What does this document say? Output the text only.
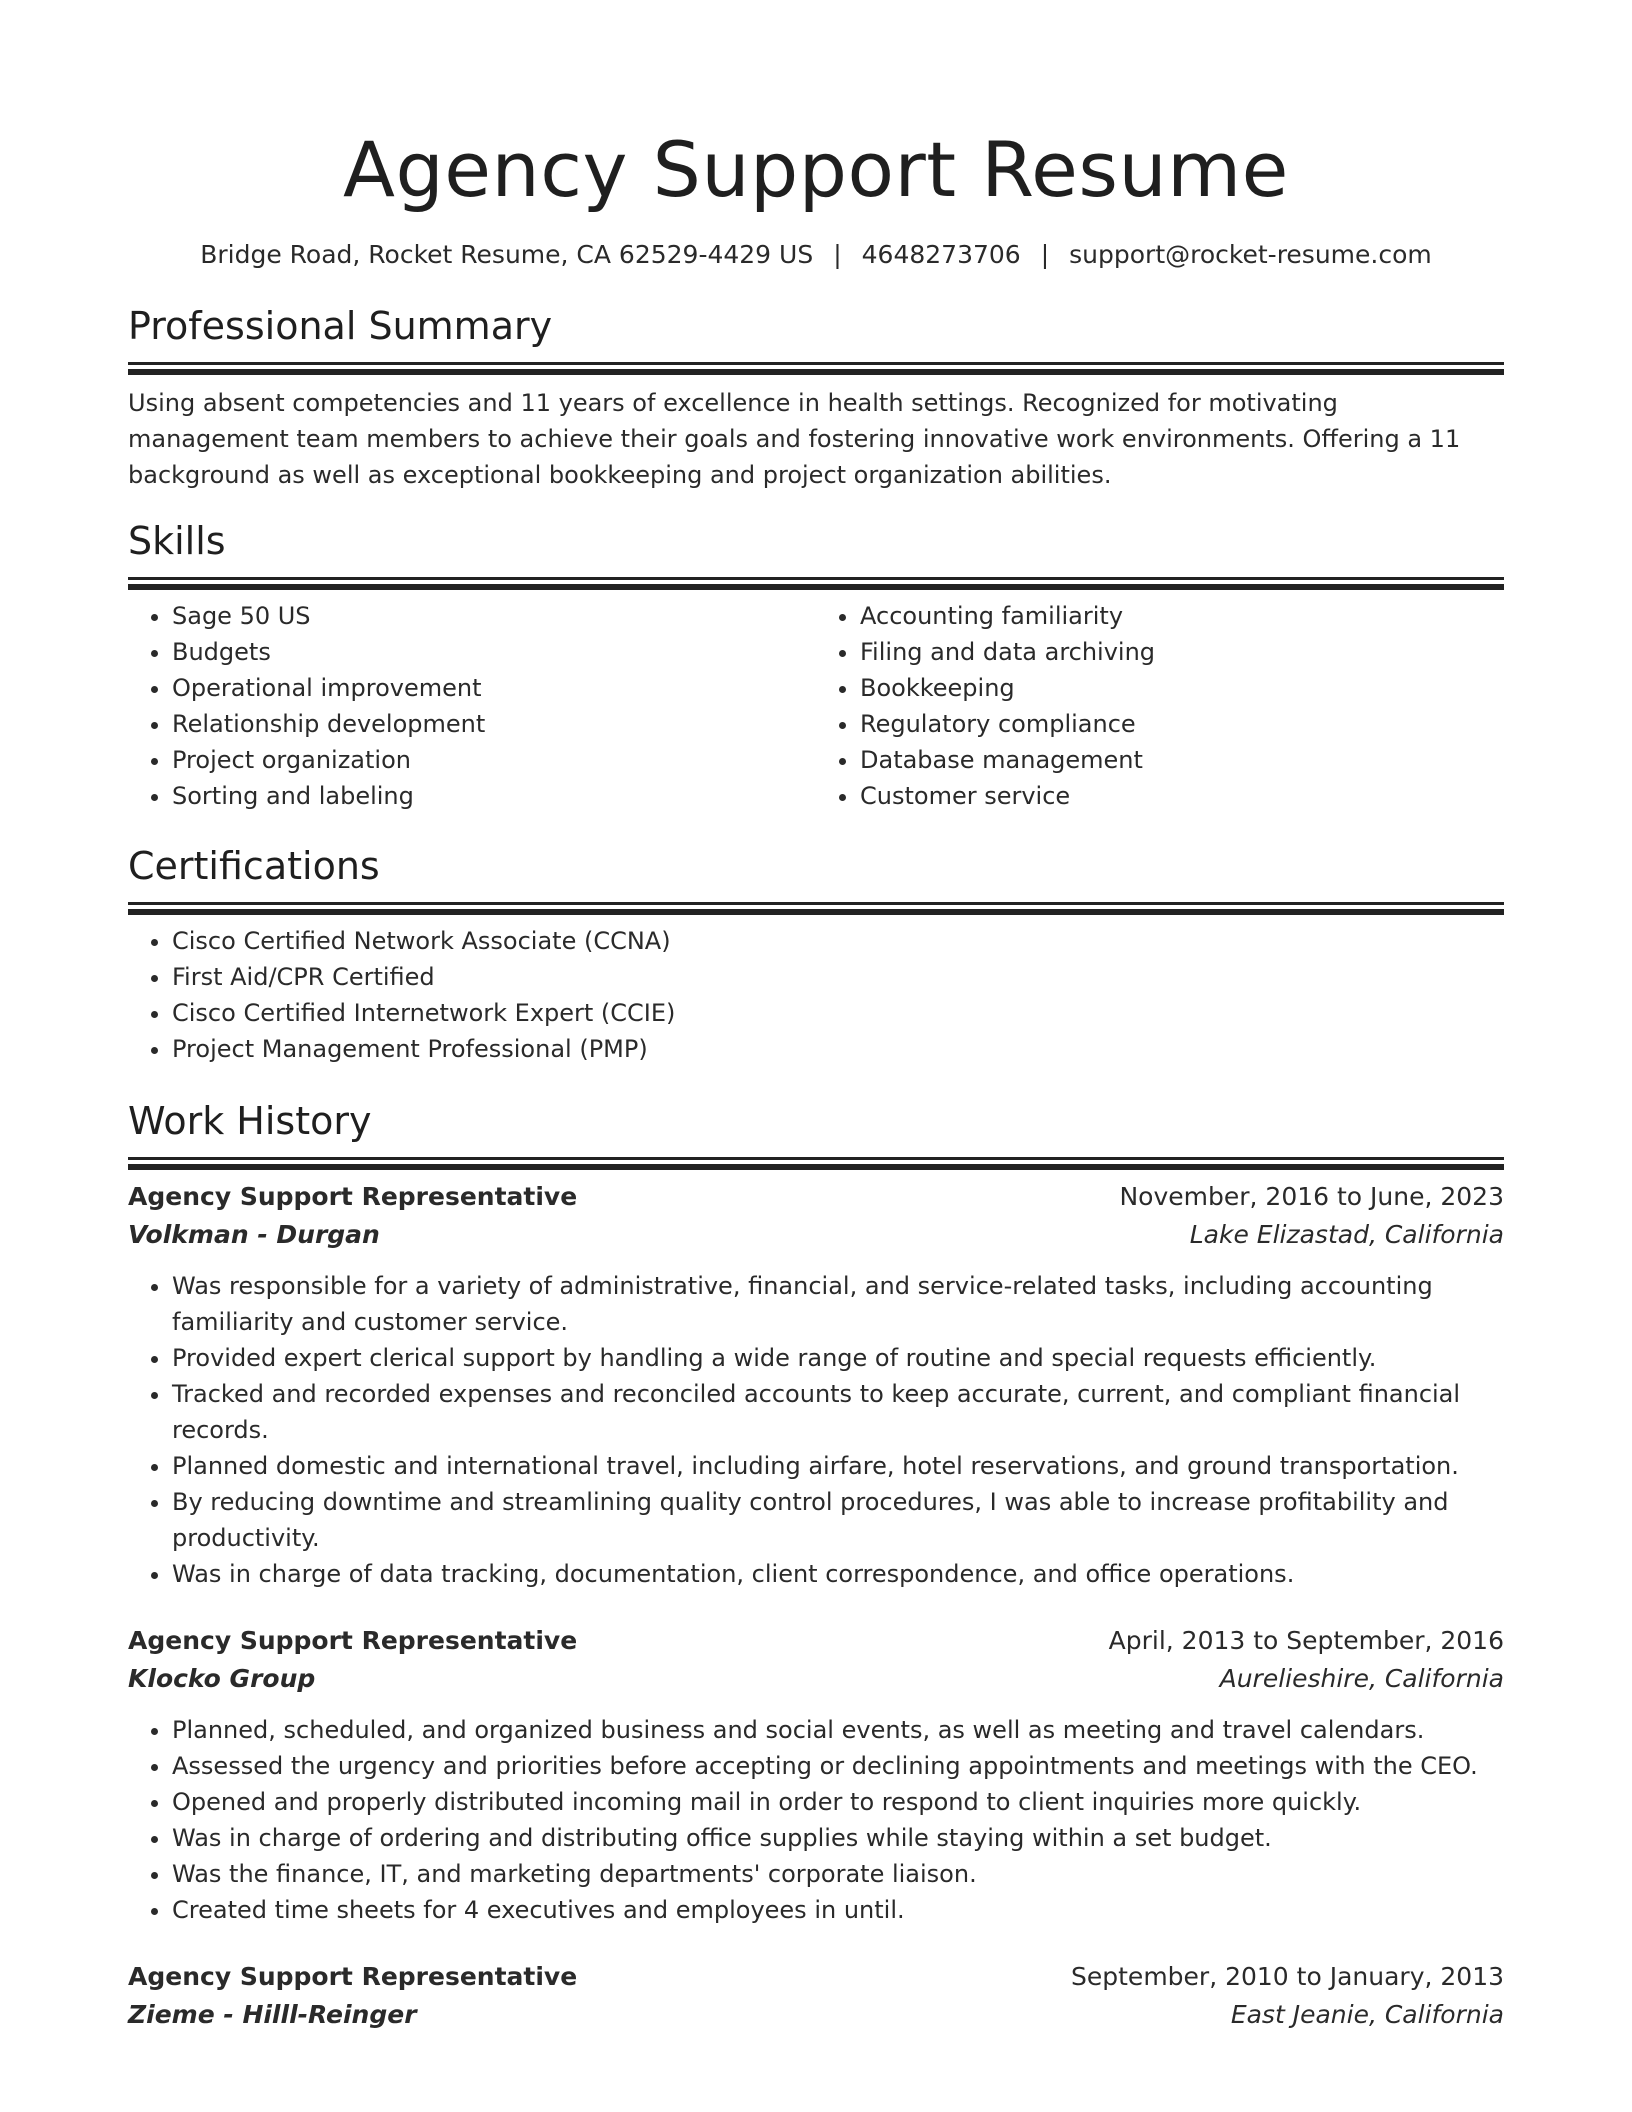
Agency Support Resume
Bridge Road, Rocket Resume, CA 62529-4429 US | 4648273706 | support@rocket-resume.com
Professional Summary
Using absent competencies and 11 years of excellence in health settings. Recognized for motivating management team members to achieve their goals and fostering innovative work environments. Offering a 11 background as well as exceptional bookkeeping and project organization abilities.
Skills
• Sage 50 US
• Budgets
• Operational improvement
• Relationship development
• Project organization
• Sorting and labeling
• Accounting familiarity
• Filing and data archiving
• Bookkeeping
• Regulatory compliance
• Database management
• Customer service
Certifications
• Cisco Certified Network Associate (CCNA)
• First Aid/CPR Certified
• Cisco Certified Internetwork Expert (CCIE)
• Project Management Professional (PMP)
Work History
Agency Support Representative	November, 2016 to June, 2023
Volkman - Durgan	Lake Elizastad, California
• Was responsible for a variety of administrative, financial, and service-related tasks, including accounting familiarity and customer service.
• Provided expert clerical support by handling a wide range of routine and special requests efficiently.
• Tracked and recorded expenses and reconciled accounts to keep accurate, current, and compliant financial records.
• Planned domestic and international travel, including airfare, hotel reservations, and ground transportation.
• By reducing downtime and streamlining quality control procedures, I was able to increase profitability and productivity.
• Was in charge of data tracking, documentation, client correspondence, and office operations.
Agency Support Representative	April, 2013 to September, 2016
Klocko Group	Aurelieshire, California
• Planned, scheduled, and organized business and social events, as well as meeting and travel calendars.
• Assessed the urgency and priorities before accepting or declining appointments and meetings with the CEO.
• Opened and properly distributed incoming mail in order to respond to client inquiries more quickly.
• Was in charge of ordering and distributing office supplies while staying within a set budget.
• Was the finance, IT, and marketing departments' corporate liaison.
• Created time sheets for 4 executives and employees in until.
Agency Support Representative	September, 2010 to January, 2013
Zieme - Hilll-Reinger	East Jeanie, California
